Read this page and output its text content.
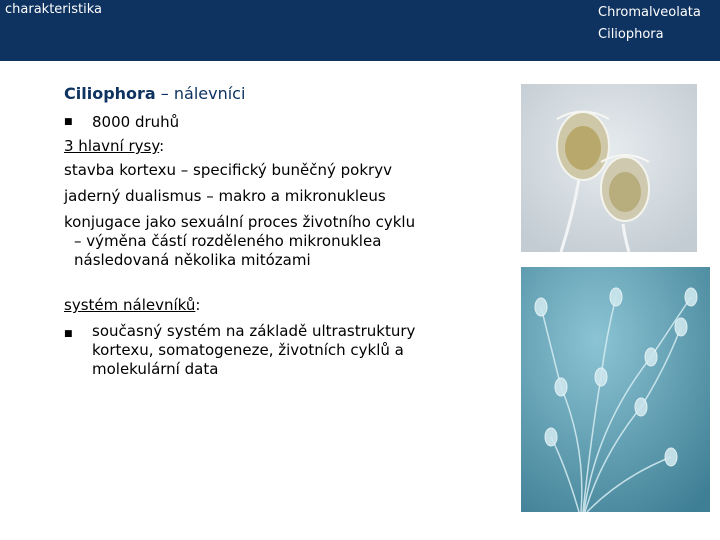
charakteristika	Chromalveolata
Ciliophora
Ciliophora – nálevníci
■ 8000 druhů
3 hlavní rysy:
stavba kortexu – specifický buněčný pokryv
jaderný dualismus – makro a mikronukleus
konjugace jako sexuální proces životního cyklu
– výměna částí rozděleného mikronuklea
následovaná několika mitózami
systém nálevníků:
■	současný systém na základě ultrastruktury
kortexu, somatogeneze, životních cyklů a
molekulární data
